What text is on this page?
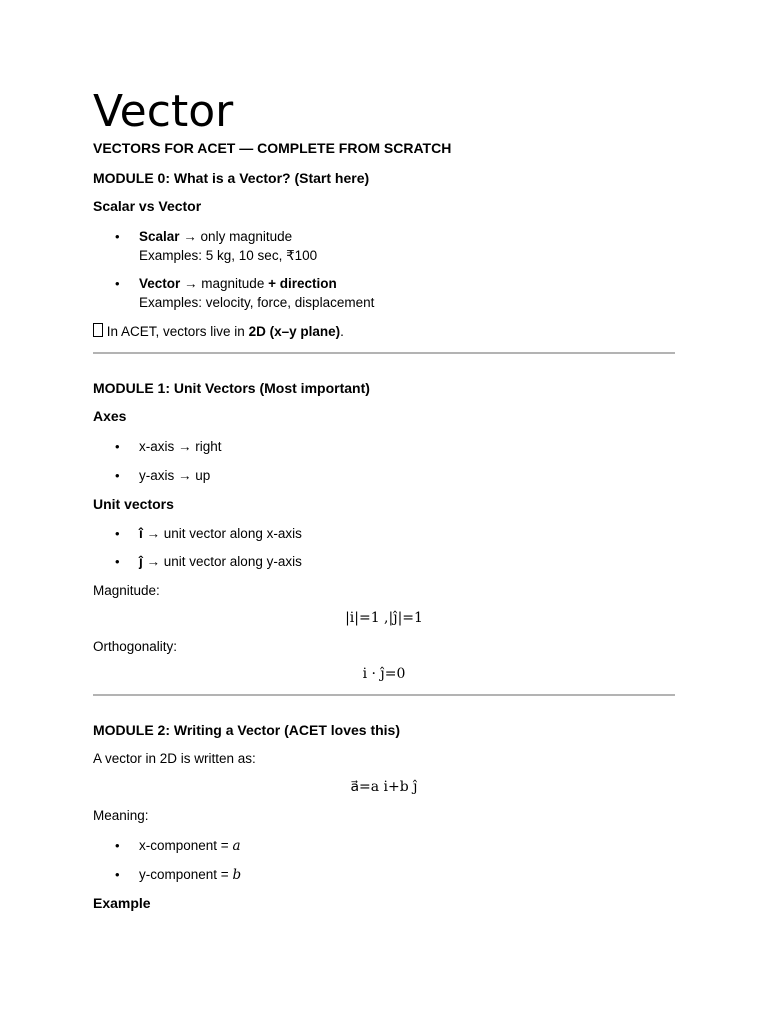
Vector
VECTORS FOR ACET — COMPLETE FROM SCRATCH
MODULE 0: What is a Vector? (Start here)
Scalar vs Vector
• Scalar → only magnitude
Examples: 5 kg, 10 sec, ₹100
• Vector → magnitude + direction
Examples: velocity, force, displacement
In ACET, vectors live in 2D (x–y plane).
MODULE 1: Unit Vectors (Most important)
Axes
• x-axis → right
• y-axis → up
Unit vectors
• î → unit vector along x-axis
• ĵ → unit vector along y-axis
Magnitude:
|i|=1 ,|ĵ|=1
Orthogonality:
i · ĵ=0
MODULE 2: Writing a Vector (ACET loves this)
A vector in 2D is written as:
a⃗=a i+b ĵ
Meaning:
• x-component = a
• y-component = b
Example
